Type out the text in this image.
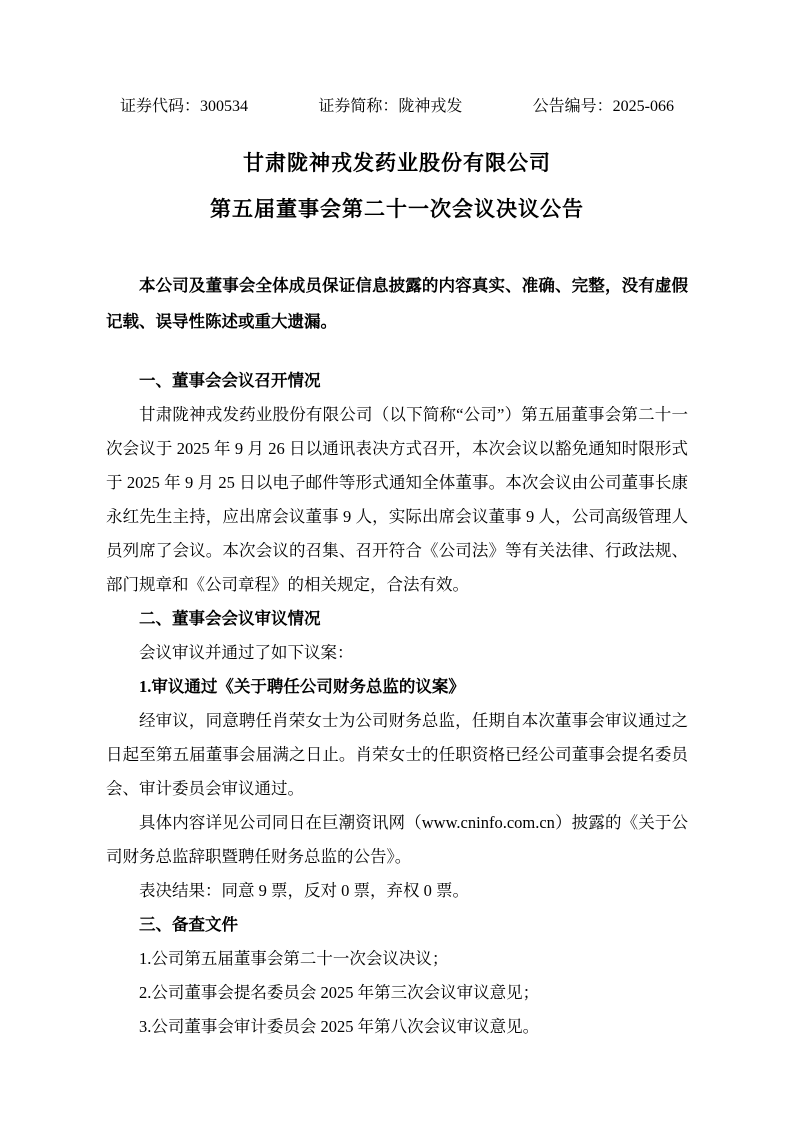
证券代码：300534	证券简称：陇神戎发	公告编号：2025-066
甘肃陇神戎发药业股份有限公司
第五届董事会第二十一次会议决议公告
本公司及董事会全体成员保证信息披露的内容真实、准确、完整，没有虚假记载、误导性陈述或重大遗漏。

一、董事会会议召开情况

甘肃陇神戎发药业股份有限公司（以下简称“公司”）第五届董事会第二十一次会议于 2025 年 9 月 26 日以通讯表决方式召开，本次会议以豁免通知时限形式于 2025 年 9 月 25 日以电子邮件等形式通知全体董事。本次会议由公司董事长康永红先生主持，应出席会议董事 9 人，实际出席会议董事 9 人，公司高级管理人员列席了会议。本次会议的召集、召开符合《公司法》等有关法律、行政法规、部门规章和《公司章程》的相关规定，合法有效。

二、董事会会议审议情况

会议审议并通过了如下议案：

1.审议通过《关于聘任公司财务总监的议案》

经审议，同意聘任肖荣女士为公司财务总监，任期自本次董事会审议通过之日起至第五届董事会届满之日止。肖荣女士的任职资格已经公司董事会提名委员会、审计委员会审议通过。

具体内容详见公司同日在巨潮资讯网（www.cninfo.com.cn）披露的《关于公司财务总监辞职暨聘任财务总监的公告》。

表决结果：同意 9 票，反对 0 票，弃权 0 票。

三、备查文件

1.公司第五届董事会第二十一次会议决议；

2.公司董事会提名委员会 2025 年第三次会议审议意见；

3.公司董事会审计委员会 2025 年第八次会议审议意见。
